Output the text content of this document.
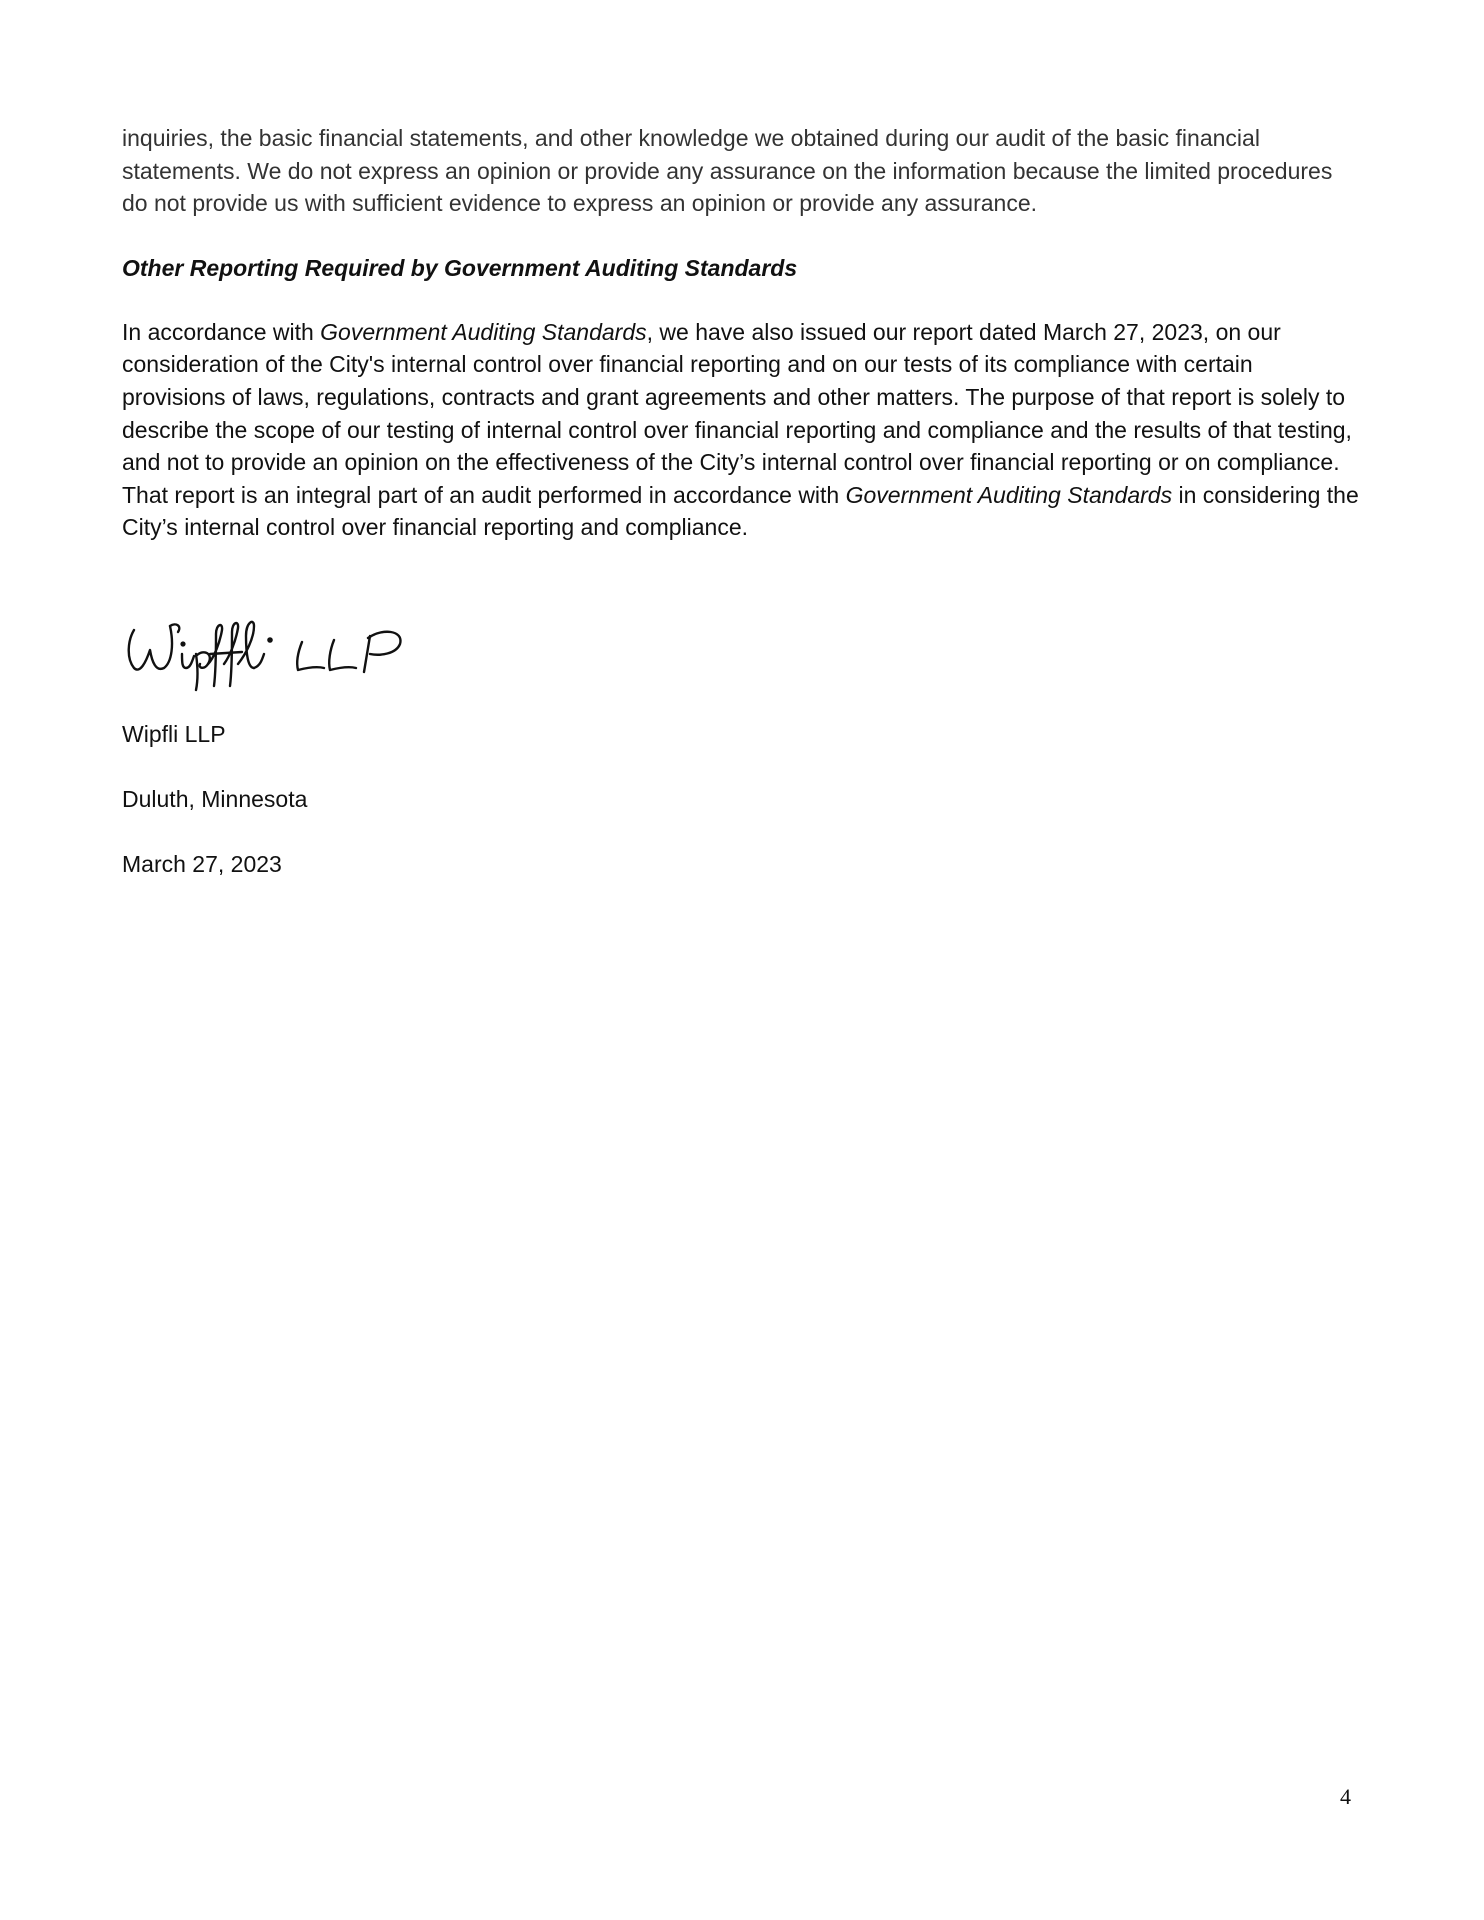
inquiries, the basic financial statements, and other knowledge we obtained during our audit of the basic financial statements. We do not express an opinion or provide any assurance on the information because the limited procedures do not provide us with sufficient evidence to express an opinion or provide any assurance.

Other Reporting Required by Government Auditing Standards

In accordance with Government Auditing Standards, we have also issued our report dated March 27, 2023, on our consideration of the City's internal control over financial reporting and on our tests of its compliance with certain provisions of laws, regulations, contracts and grant agreements and other matters. The purpose of that report is solely to describe the scope of our testing of internal control over financial reporting and compliance and the results of that testing, and not to provide an opinion on the effectiveness of the City’s internal control over financial reporting or on compliance. That report is an integral part of an audit performed in accordance with Government Auditing Standards in considering the City’s internal control over financial reporting and compliance.

Wipfli LLP

Duluth, Minnesota

March 27, 2023

4
